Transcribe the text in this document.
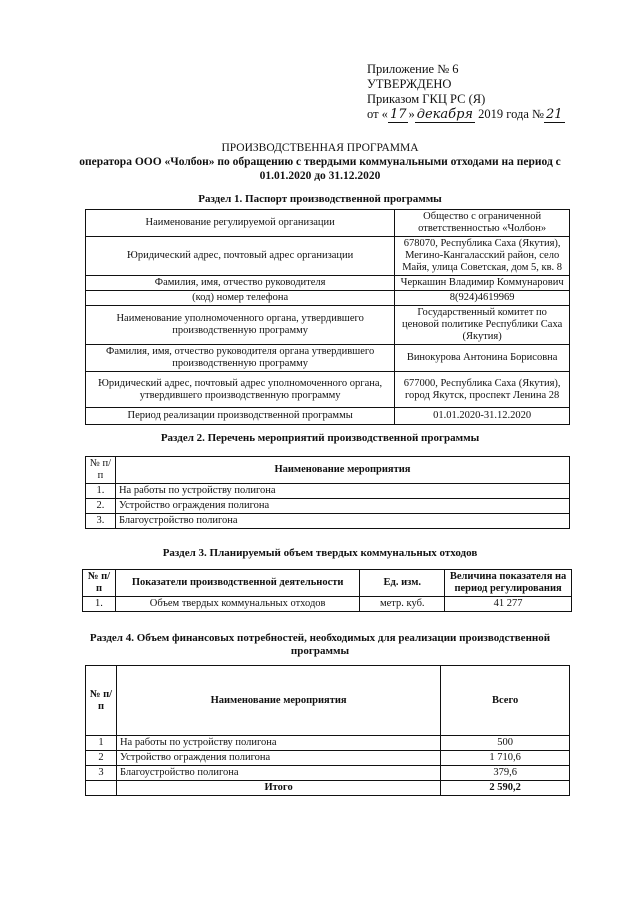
Приложение № 6
УТВЕРЖДЕНО
Приказом ГКЦ РС (Я)
от « 17 » декабря 2019 года № 21
ПРОИЗВОДСТВЕННАЯ ПРОГРАММА
оператора ООО «Чолбон» по обращению с твердыми коммунальными отходами на период с
01.01.2020 до 31.12.2020
Раздел 1. Паспорт производственной программы
Наименование регулируемой организации	Общество с ограниченной ответственностью «Чолбон»
Юридический адрес, почтовый адрес организации	678070, Республика Саха (Якутия), Мегино-Кангаласский район, село Майя, улица Советская, дом 5, кв. 8
Фамилия, имя, отчество руководителя	Черкашин Владимир Коммунарович
(код) номер телефона	8(924)4619969
Наименование уполномоченного органа, утвердившего производственную программу	Государственный комитет по ценовой политике Республики Саха (Якутия)
Фамилия, имя, отчество руководителя органа утвердившего производственную программу	Винокурова Антонина Борисовна
Юридический адрес, почтовый адрес уполномоченного органа, утвердившего производственную программу	677000, Республика Саха (Якутия), город Якутск, проспект Ленина 28
Период реализации производственной программы	01.01.2020-31.12.2020
Раздел 2. Перечень мероприятий производственной программы
№ п/п	Наименование мероприятия
1.	На работы по устройству полигона
2.	Устройство ограждения полигона
3.	Благоустройство полигона
Раздел 3. Планируемый объем твердых коммунальных отходов
№ п/п	Показатели производственной деятельности	Ед. изм.	Величина показателя на период регулирования
1.	Объем твердых коммунальных отходов	метр. куб.	41 277
Раздел 4. Объем финансовых потребностей, необходимых для реализации производственной
программы
№ п/п	Наименование мероприятия	Всего
1	На работы по устройству полигона	500
2	Устройство ограждения полигона	1 710,6
3	Благоустройство полигона	379,6
	Итого	2 590,2
